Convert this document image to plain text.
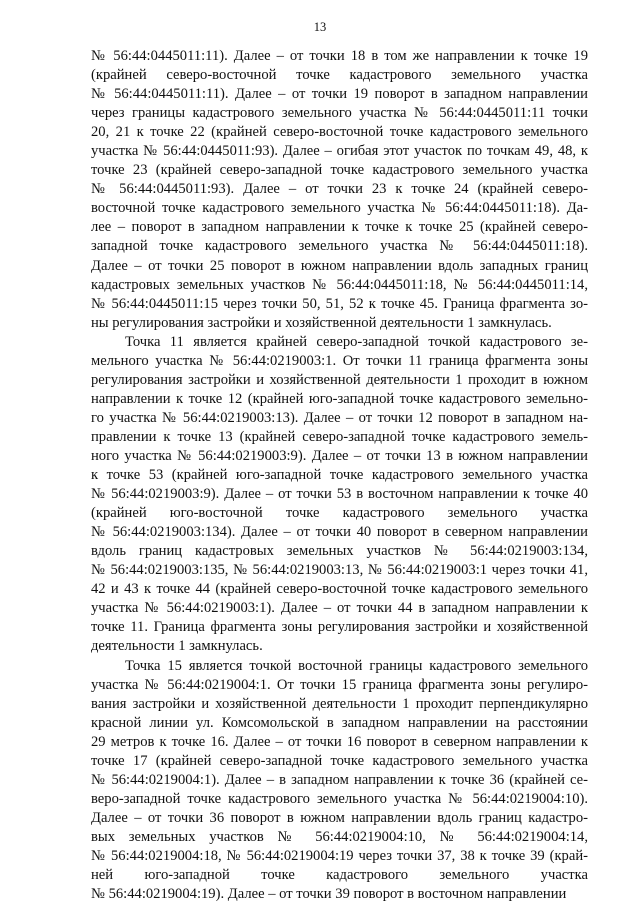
13

№ 56:44:0445011:11). Далее – от точки 18 в том же направлении к точке 19
(крайней северо-восточной точке кадастрового земельного участка
№ 56:44:0445011:11). Далее – от точки 19 поворот в западном направлении
через границы кадастрового земельного участка № 56:44:0445011:11 точки
20, 21 к точке 22 (крайней северо-восточной точке кадастрового земельного
участка № 56:44:0445011:93). Далее – огибая этот участок по точкам 49, 48, к
точке 23 (крайней северо-западной точке кадастрового земельного участка
№ 56:44:0445011:93). Далее – от точки 23 к точке 24 (крайней северо-
восточной точке кадастрового земельного участка № 56:44:0445011:18). Да-
лее – поворот в западном направлении к точке к точке 25 (крайней северо-
западной точке кадастрового земельного участка № 56:44:0445011:18).
Далее – от точки 25 поворот в южном направлении вдоль западных границ
кадастровых земельных участков № 56:44:0445011:18, № 56:44:0445011:14,
№ 56:44:0445011:15 через точки 50, 51, 52 к точке 45. Граница фрагмента зо-
ны регулирования застройки и хозяйственной деятельности 1 замкнулась.

Точка 11 является крайней северо-западной точкой кадастрового зе-
мельного участка № 56:44:0219003:1. От точки 11 граница фрагмента зоны
регулирования застройки и хозяйственной деятельности 1 проходит в южном
направлении к точке 12 (крайней юго-западной точке кадастрового земельно-
го участка № 56:44:0219003:13). Далее – от точки 12 поворот в западном на-
правлении к точке 13 (крайней северо-западной точке кадастрового земель-
ного участка № 56:44:0219003:9). Далее – от точки 13 в южном направлении
к точке 53 (крайней юго-западной точке кадастрового земельного участка
№ 56:44:0219003:9). Далее – от точки 53 в восточном направлении к точке 40
(крайней юго-восточной точке кадастрового земельного участка
№ 56:44:0219003:134). Далее – от точки 40 поворот в северном направлении
вдоль границ кадастровых земельных участков № 56:44:0219003:134,
№ 56:44:0219003:135, № 56:44:0219003:13, № 56:44:0219003:1 через точки 41,
42 и 43 к точке 44 (крайней северо-восточной точке кадастрового земельного
участка № 56:44:0219003:1). Далее – от точки 44 в западном направлении к
точке 11. Граница фрагмента зоны регулирования застройки и хозяйственной
деятельности 1 замкнулась.

Точка 15 является точкой восточной границы кадастрового земельного
участка № 56:44:0219004:1. От точки 15 граница фрагмента зоны регулиро-
вания застройки и хозяйственной деятельности 1 проходит перпендикулярно
красной линии ул. Комсомольской в западном направлении на расстоянии
29 метров к точке 16. Далее – от точки 16 поворот в северном направлении к
точке 17 (крайней северо-западной точке кадастрового земельного участка
№ 56:44:0219004:1). Далее – в западном направлении к точке 36 (крайней се-
веро-западной точке кадастрового земельного участка № 56:44:0219004:10).
Далее – от точки 36 поворот в южном направлении вдоль границ кадастро-
вых земельных участков № 56:44:0219004:10, № 56:44:0219004:14,
№ 56:44:0219004:18, № 56:44:0219004:19 через точки 37, 38 к точке 39 (край-
ней юго-западной точке кадастрового земельного участка
№ 56:44:0219004:19). Далее – от точки 39 поворот в восточном направлении
